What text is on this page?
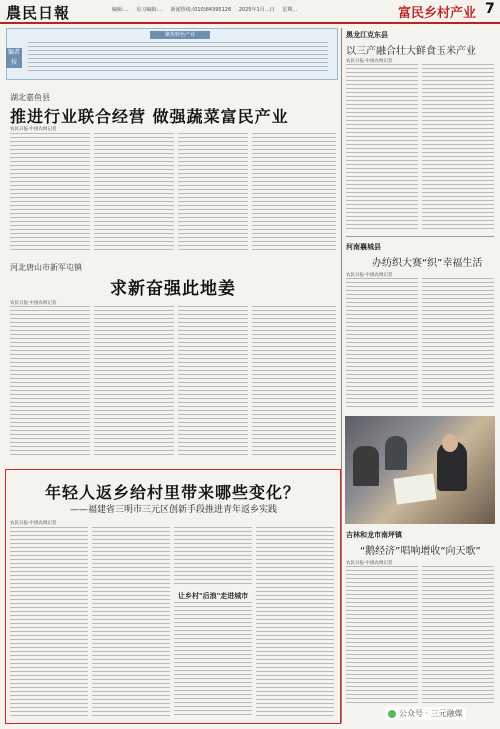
農民日報	编辑:… 见习编辑:… 新闻热线:(010)84395126 2025年1月…日 星期…	富民乡村产业 7
聚焦特色产业
编者按
湖北嘉鱼县
推进行业联合经营 做强蔬菜富民产业
农民日报·中国农网记者
河北唐山市新军屯镇
求新奋强此地姜
农民日报·中国农网记者
年轻人返乡给村里带来哪些变化？
——福建省三明市三元区创新手段推进青年返乡实践
农民日报·中国农网记者
让乡村"后浪"走进城市
黑龙江克东县
以三产融合壮大鲜食玉米产业
农民日报·中国农网记者
河南襄城县
办纺织大赛“织”幸福生活
农民日报·中国农网记者
吉林和龙市南坪镇
“鹅经济”唱响增收“向天歌”
农民日报·中国农网记者
公众号 · 三元融媒
